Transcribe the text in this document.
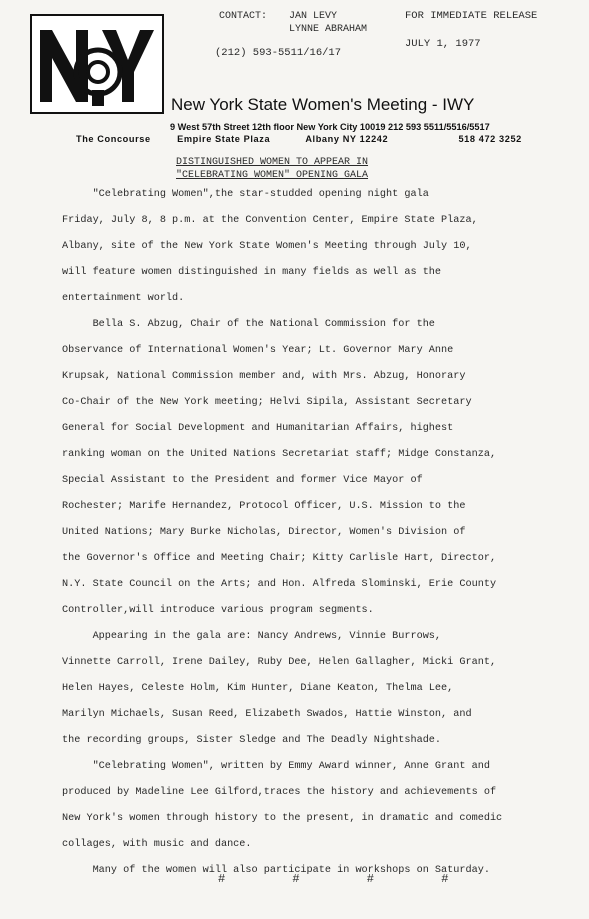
CONTACT:	JAN LEVY
LYNNE ABRAHAM
(212) 593-5511/16/17
FOR IMMEDIATE RELEASE
JULY 1, 1977
New York State Women's Meeting - IWY
9 West 57th Street 12th floor New York City 10019 212 593 5511/5516/5517
The Concourse	Empire State Plaza	Albany NY 12242	518 472 3252
DISTINGUISHED WOMEN TO APPEAR IN
"CELEBRATING WOMEN" OPENING GALA
"Celebrating Women",the star-studded opening night gala
Friday, July 8, 8 p.m. at the Convention Center, Empire State Plaza,
Albany, site of the New York State Women's Meeting through July 10,
will feature women distinguished in many fields as well as the
entertainment world.
Bella S. Abzug, Chair of the National Commission for the
Observance of International Women's Year; Lt. Governor Mary Anne
Krupsak, National Commission member and, with Mrs. Abzug, Honorary
Co-Chair of the New York meeting; Helvi Sipila, Assistant Secretary
General for Social Development and Humanitarian Affairs, highest
ranking woman on the United Nations Secretariat staff; Midge Constanza,
Special Assistant to the President and former Vice Mayor of
Rochester; Marife Hernandez, Protocol Officer, U.S. Mission to the
United Nations; Mary Burke Nicholas, Director, Women's Division of
the Governor's Office and Meeting Chair; Kitty Carlisle Hart, Director,
N.Y. State Council on the Arts; and Hon. Alfreda Slominski, Erie County
Controller,will introduce various program segments.
Appearing in the gala are: Nancy Andrews, Vinnie Burrows,
Vinnette Carroll, Irene Dailey, Ruby Dee, Helen Gallagher, Micki Grant,
Helen Hayes, Celeste Holm, Kim Hunter, Diane Keaton, Thelma Lee,
Marilyn Michaels, Susan Reed, Elizabeth Swados, Hattie Winston, and
the recording groups, Sister Sledge and The Deadly Nightshade.
"Celebrating Women", written by Emmy Award winner, Anne Grant and
produced by Madeline Lee Gilford,traces the history and achievements of
New York's women through history to the present, in dramatic and comedic
collages, with music and dance.
Many of the women will also participate in workshops on Saturday.
# # # #
